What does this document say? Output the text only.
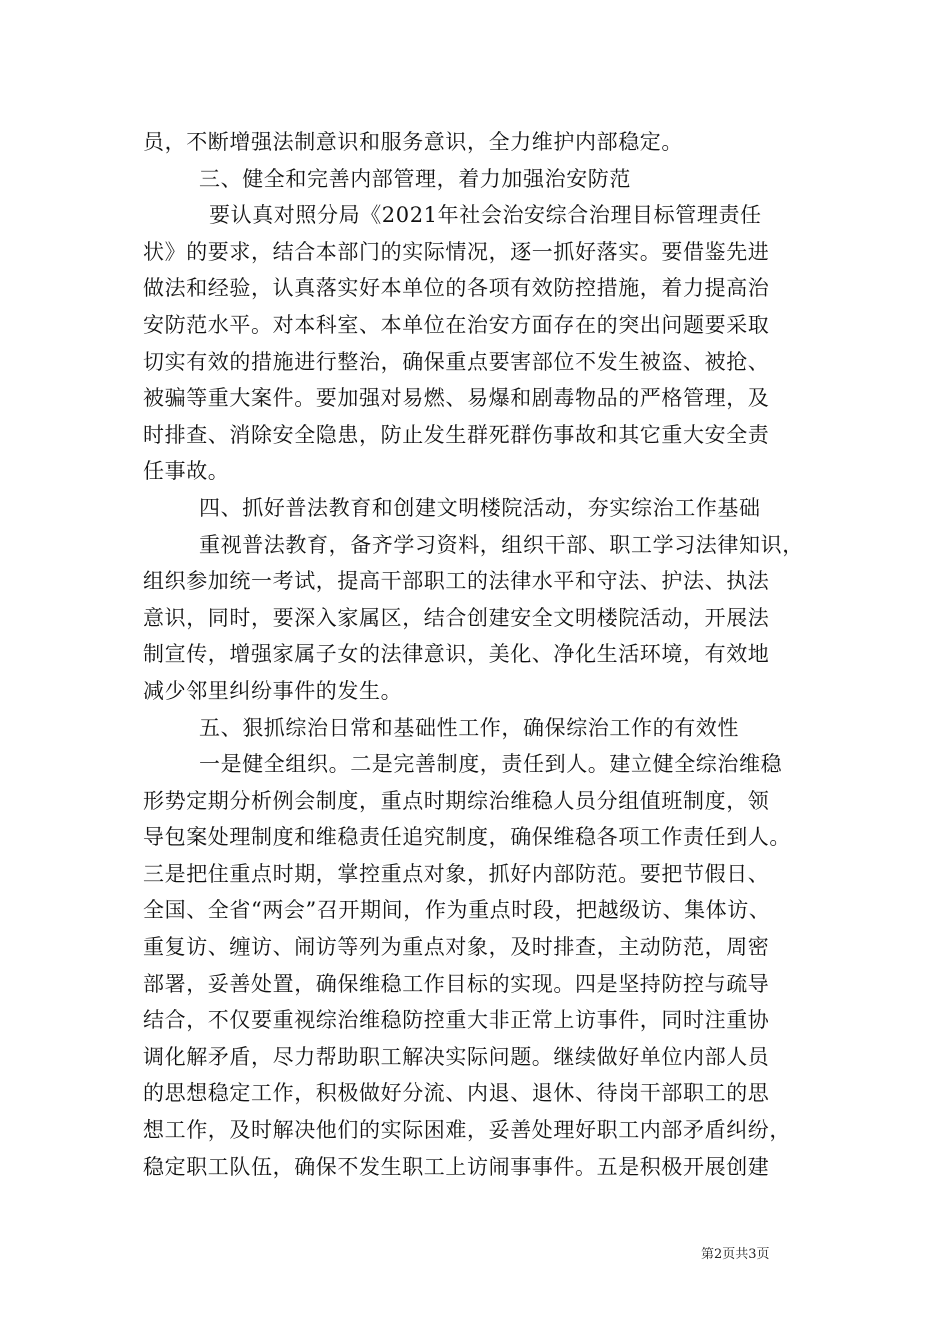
员，不断增强法制意识和服务意识，全力维护内部稳定。
三、健全和完善内部管理，着力加强治安防范
要认真对照分局《2021年社会治安综合治理目标管理责任
状》的要求，结合本部门的实际情况，逐一抓好落实。要借鉴先进
做法和经验，认真落实好本单位的各项有效防控措施，着力提高治
安防范水平。对本科室、本单位在治安方面存在的突出问题要采取
切实有效的措施进行整治，确保重点要害部位不发生被盗、被抢、
被骗等重大案件。要加强对易燃、易爆和剧毒物品的严格管理，及
时排查、消除安全隐患，防止发生群死群伤事故和其它重大安全责
任事故。
四、抓好普法教育和创建文明楼院活动，夯实综治工作基础
重视普法教育，备齐学习资料，组织干部、职工学习法律知识，
组织参加统一考试，提高干部职工的法律水平和守法、护法、执法
意识，同时，要深入家属区，结合创建安全文明楼院活动，开展法
制宣传，增强家属子女的法律意识，美化、净化生活环境，有效地
减少邻里纠纷事件的发生。
五、狠抓综治日常和基础性工作，确保综治工作的有效性
一是健全组织。二是完善制度，责任到人。建立健全综治维稳
形势定期分析例会制度，重点时期综治维稳人员分组值班制度，领
导包案处理制度和维稳责任追究制度，确保维稳各项工作责任到人。
三是把住重点时期，掌控重点对象，抓好内部防范。要把节假日、
全国、全省“两会”召开期间，作为重点时段，把越级访、集体访、
重复访、缠访、闹访等列为重点对象，及时排查，主动防范，周密
部署，妥善处置，确保维稳工作目标的实现。四是坚持防控与疏导
结合，不仅要重视综治维稳防控重大非正常上访事件，同时注重协
调化解矛盾，尽力帮助职工解决实际问题。继续做好单位内部人员
的思想稳定工作，积极做好分流、内退、退休、待岗干部职工的思
想工作，及时解决他们的实际困难，妥善处理好职工内部矛盾纠纷，
稳定职工队伍，确保不发生职工上访闹事事件。五是积极开展创建
第2页共3页
